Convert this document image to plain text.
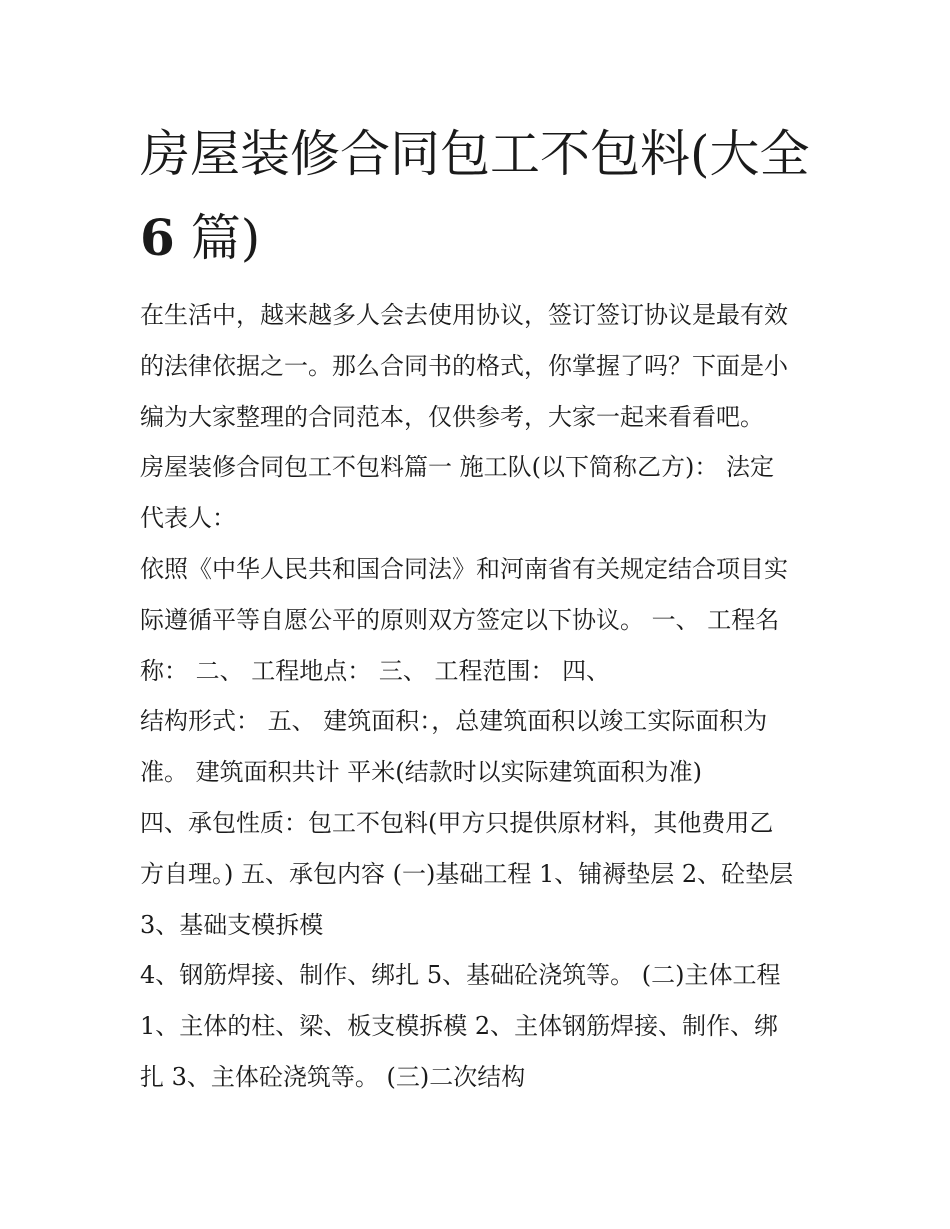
房屋装修合同包工不包料(大全
6 篇)

在生活中，越来越多人会去使用协议，签订签订协议是最有效

的法律依据之一。那么合同书的格式，你掌握了吗？下面是小

编为大家整理的合同范本，仅供参考，大家一起来看看吧。

房屋装修合同包工不包料篇一 施工队(以下简称乙方)： 法定

代表人：

依照《中华人民共和国合同法》和河南省有关规定结合项目实

际遵循平等自愿公平的原则双方签定以下协议。 一、 工程名

称： 二、 工程地点： 三、 工程范围： 四、

结构形式： 五、 建筑面积：，总建筑面积以竣工实际面积为

准。 建筑面积共计 平米(结款时以实际建筑面积为准)

四、承包性质：包工不包料(甲方只提供原材料，其他费用乙

方自理。) 五、承包内容 (一)基础工程 1、铺褥垫层 2、砼垫层

3、基础支模拆模

4、钢筋焊接、制作、绑扎 5、基础砼浇筑等。 (二)主体工程

1、主体的柱、梁、板支模拆模 2、主体钢筋焊接、制作、绑

扎 3、主体砼浇筑等。 (三)二次结构
